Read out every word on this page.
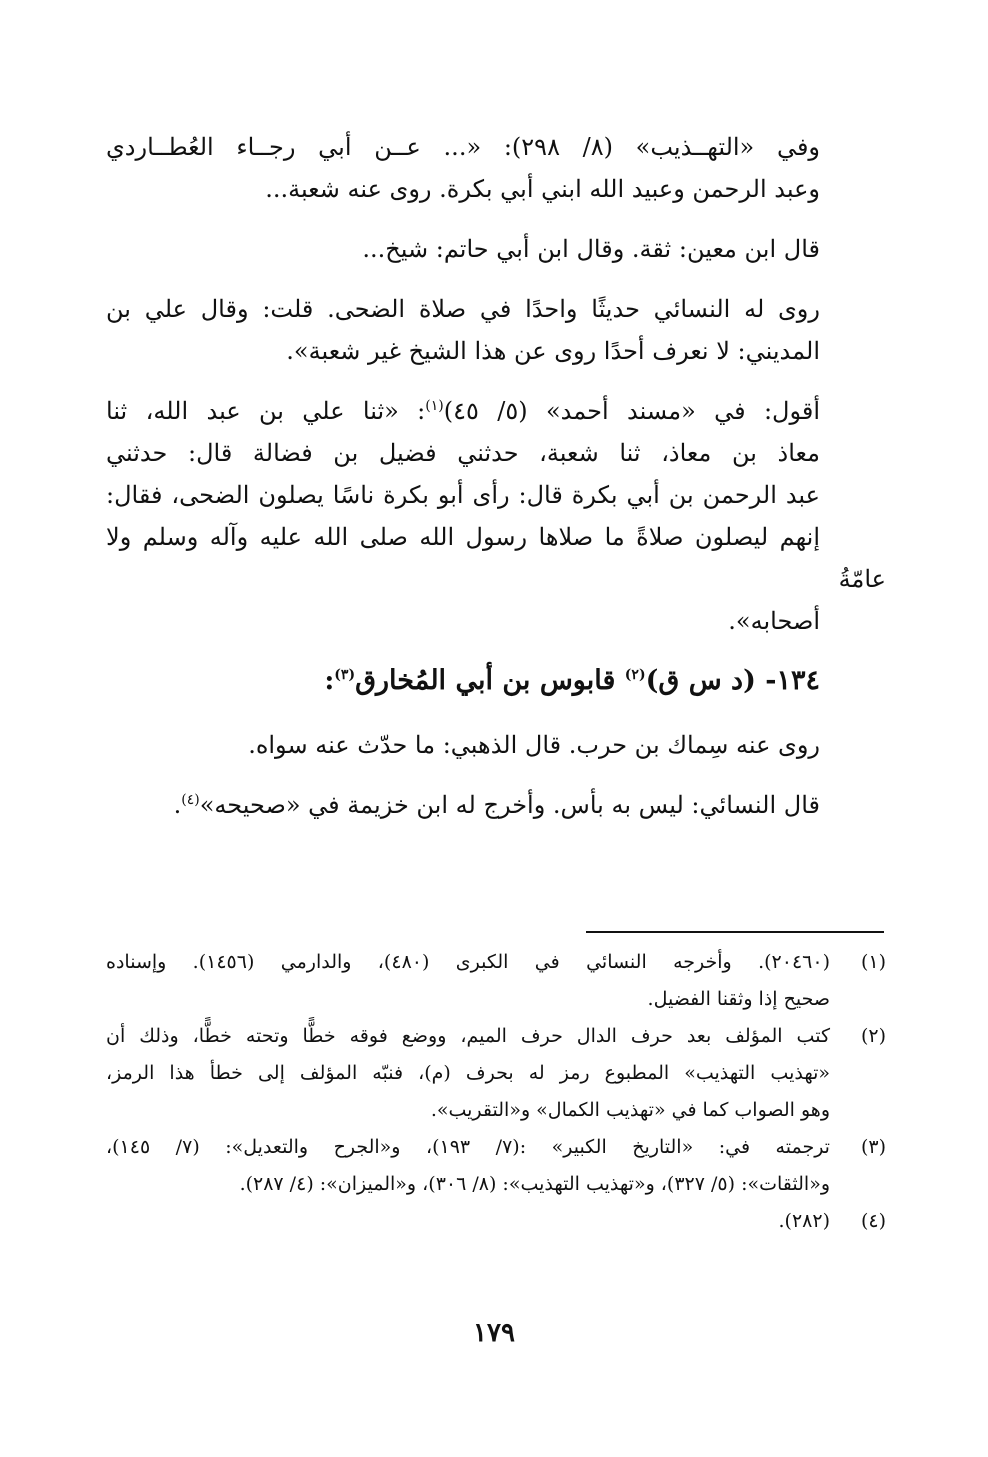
وفي «التهــذيب» (٨/ ٢٩٨): «... عــن أبي رجــاء العُطــاردي
وعبد الرحمن وعبيد الله ابني أبي بكرة. روى عنه شعبة...
قال ابن معين: ثقة. وقال ابن أبي حاتم: شيخ...
روى له النسائي حديثًا واحدًا في صلاة الضحى. قلت: وقال علي بن
المديني: لا نعرف أحدًا روى عن هذا الشيخ غير شعبة».
أقول: في «مسند أحمد» (٥/ ٤٥)$^{(١)}$: «ثنا علي بن عبد الله، ثنا
معاذ بن معاذ، ثنا شعبة، حدثني فضيل بن فضالة قال: حدثني
عبد الرحمن بن أبي بكرة قال: رأى أبو بكرة ناسًا يصلون الضحى، فقال:
إنهم ليصلون صلاةً ما صلاها رسول الله صلى الله عليه وآله وسلم ولا عامّةُ
أصحابه».
١٣٤- (د س ق)$^{(٢)}$ قابوس بن أبي المُخارق$^{(٣)}$:
روى عنه سِماك بن حرب. قال الذهبي: ما حدّث عنه سواه.
قال النسائي: ليس به بأس. وأخرج له ابن خزيمة في «صحيحه»$^{(٤)}$.
(١)
(٢٠٤٦٠). وأخرجه النسائي في الكبرى (٤٨٠)، والدارمي (١٤٥٦). وإسناده
صحيح إذا وثقنا الفضيل.
(٢)
كتب المؤلف بعد حرف الدال حرف الميم، ووضع فوقه خطًّا وتحته خطًّا، وذلك أن
«تهذيب التهذيب» المطبوع رمز له بحرف (م)، فنبّه المؤلف إلى خطأ هذا الرمز،
وهو الصواب كما في «تهذيب الكمال» و«التقريب».
(٣)
ترجمته في: «التاريخ الكبير» :(٧/ ١٩٣)، و«الجرح والتعديل»: (٧/ ١٤٥)،
و«الثقات»: (٥/ ٣٢٧)، و«تهذيب التهذيب»: (٨/ ٣٠٦)، و«الميزان»: (٤/ ٢٨٧).
(٤)
(٢٨٢).
١٧٩
